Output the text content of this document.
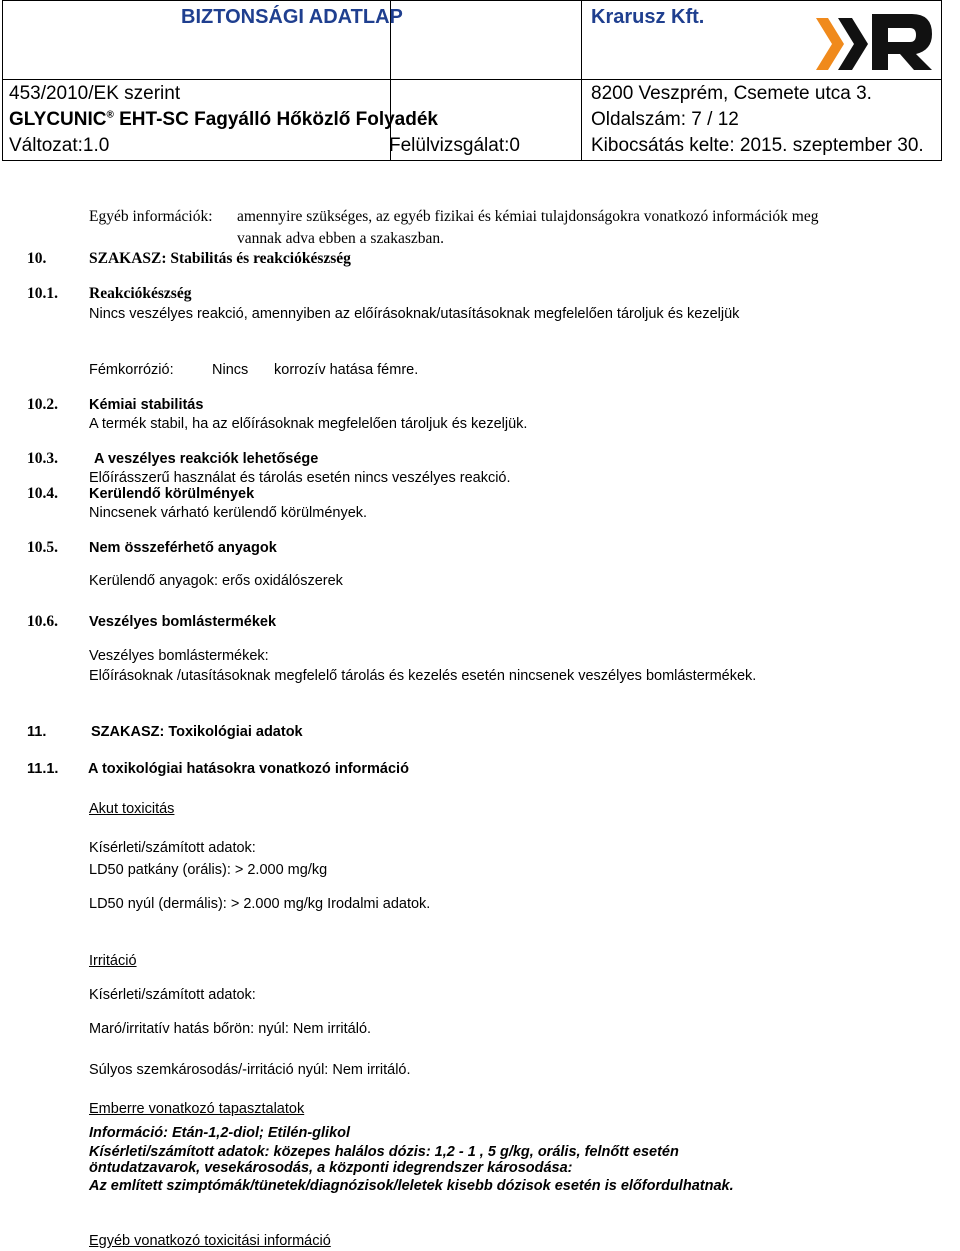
BIZTONSÁGI ADATLAP	Krarusz Kft.
453/2010/EK szerint	8200 Veszprém, Csemete utca 3.
GLYCUNIC® EHT-SC Fagyálló Hőközlő Folyadék	Oldalszám: 7 / 12
Változat:1.0	Felülvizsgálat:0	Kibocsátás kelte: 2015. szeptember 30.
Egyéb információk: amennyire szükséges, az egyéb fizikai és kémiai tulajdonságokra vonatkozó információk meg
vannak adva ebben a szakaszban.
10.	SZAKASZ: Stabilitás és reakciókészség
10.1. Reakciókészség
Nincs veszélyes reakció, amennyiben az előírásoknak/utasításoknak megfelelően tároljuk és kezeljük
Fémkorrózió:	Nincs korrozív hatása fémre.
10.2. Kémiai stabilitás
A termék stabil, ha az előírásoknak megfelelően tároljuk és kezeljük.
10.3. A veszélyes reakciók lehetősége
Előírásszerű használat és tárolás esetén nincs veszélyes reakció.
10.4. Kerülendő körülmények
Nincsenek várható kerülendő körülmények.
10.5. Nem összeférhető anyagok
Kerülendő anyagok: erős oxidálószerek
10.6. Veszélyes bomlástermékek
Veszélyes bomlástermékek:
Előírásoknak /utasításoknak megfelelő tárolás és kezelés esetén nincsenek veszélyes bomlástermékek.
11.	SZAKASZ: Toxikológiai adatok
11.1. A toxikológiai hatásokra vonatkozó információ
Akut toxicitás
Kísérleti/számított adatok:
LD50 patkány (orális): > 2.000 mg/kg
LD50 nyúl (dermális): > 2.000 mg/kg Irodalmi adatok.
Irritáció
Kísérleti/számított adatok:
Maró/irritatív hatás bőrön: nyúl: Nem irritáló.
Súlyos szemkárosodás/-irritáció nyúl: Nem irritáló.
Emberre vonatkozó tapasztalatok
Információ: Etán-1,2-diol; Etilén-glikol
Kísérleti/számított adatok: közepes halálos dózis: 1,2 - 1 , 5 g/kg, orális, felnőtt esetén
öntudatzavarok, vesekárosodás, a központi idegrendszer károsodása:
Az említett szimptómák/tünetek/diagnózisok/leletek kisebb dózisok esetén is előfordulhatnak.
Egyéb vonatkozó toxicitási információ
